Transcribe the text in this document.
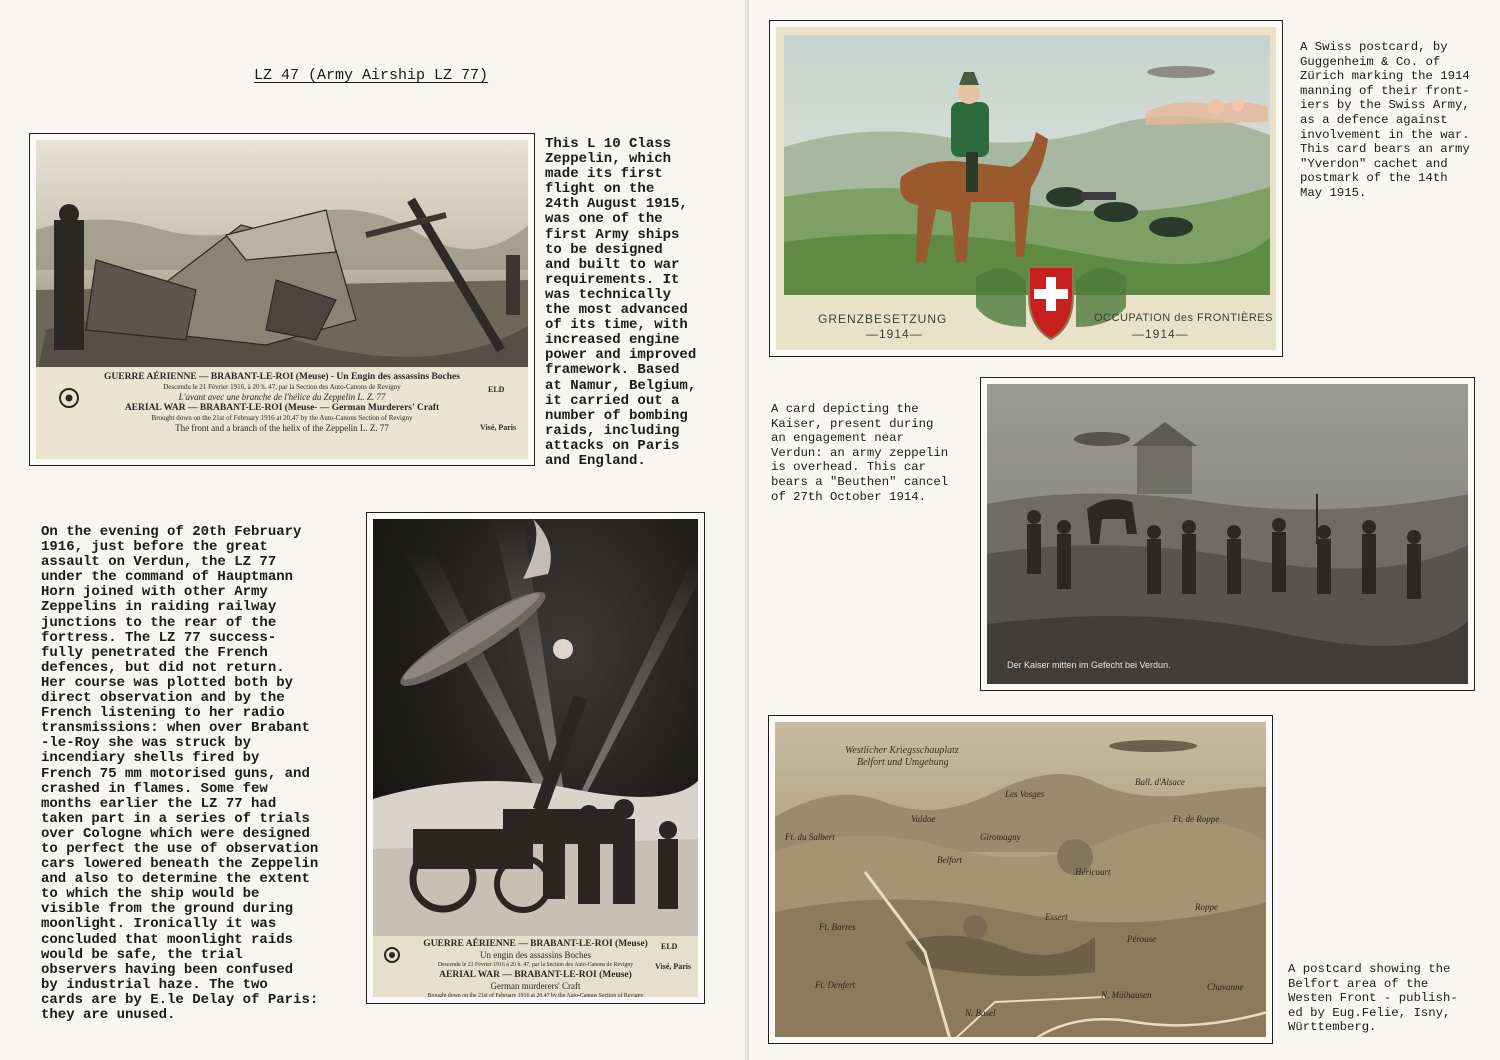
LZ 47 (Army Airship LZ 77)
GUERRE AÉRIENNE — BRABANT-LE-ROI (Meuse) - Un Engin des assassins Boches
Descendu le 21 Février 1916, à 20 h. 47, par la Section des Auto-Canons de Revigny
L'avant avec une branche de l'hélice du Zeppelin L. Z. 77
AERIAL WAR — BRABANT-LE-ROI (Meuse- — German Murderers' Craft
Brought down on the 21st of February 1916 at 20,47 by the Auto-Canons Section of Revigny
The front and a branch of the helix of the Zeppelin L. Z. 77
ELD
Visé, Paris
This L 10 Class
Zeppelin, which
made its first
flight on the
24th August 1915,
was one of the
first Army ships
to be designed
and built to war
requirements. It
was technically
the most advanced
of its time, with
increased engine
power and improved
framework. Based
at Namur, Belgium,
it carried out a
number of bombing
raids, including
attacks on Paris
and England.
On the evening of 20th February
1916, just before the great
assault on Verdun, the LZ 77
under the command of Hauptmann
Horn joined with other Army
Zeppelins in raiding railway
junctions to the rear of the
fortress. The LZ 77 success-
fully penetrated the French
defences, but did not return.
Her course was plotted both by
direct observation and by the
French listening to her radio
transmissions: when over Brabant
-le-Roy she was struck by
incendiary shells fired by
French 75 mm motorised guns, and
crashed in flames. Some few
months earlier the LZ 77 had
taken part in a series of trials
over Cologne which were designed
to perfect the use of observation
cars lowered beneath the Zeppelin
and also to determine the extent
to which the ship would be
visible from the ground during
moonlight. Ironically it was
concluded that moonlight raids
would be safe, the trial
observers having been confused
by industrial haze. The two
cards are by E.le Delay of Paris:
they are unused.
GUERRE AÉRIENNE — BRABANT-LE-ROI (Meuse)
Un engin des assassins Boches
Descendu le 21 Février 1916 à 20 h. 47, par la Section des Auto-Canons de Revigny
AERIAL WAR — BRABANT-LE-ROI (Meuse)
German murderers' Craft
Brought down on the 21st of February 1916 at 20,47 by the Auto-Canons Section of Revigny
ELD
Visé, Paris
GRENZBESETZUNG
—1914—
OCCUPATION des FRONTIÈRES
—1914—
A Swiss postcard, by
Guggenheim & Co. of
Zürich marking the 1914
manning of their front-
iers by the Swiss Army,
as a defence against
involvement in the war.
This card bears an army
"Yverdon" cachet and
postmark of the 14th
May 1915.
Der Kaiser mitten im Gefecht bei Verdun.
A card depicting the
Kaiser, present during
an engagement near
Verdun: an army zeppelin
is overhead. This car
bears a "Beuthen" cancel
of 27th October 1914.
Westlicher Kriegsschauplatz
Belfort und Umgebung
Valdoe
Belfort
Ft. Denfert
N. Basel
N. Mülhausen
Giromagny
Ft. du Salbert
Ft. de Roppe
Ft. Barres
Pérouse
Chavanne
Héricourt
Essert
Les Vosges
Ball. d'Alsace
Roppe
A postcard showing the
Belfort area of the
Westen Front - publish-
ed by Eug.Felie, Isny,
Württemberg.
